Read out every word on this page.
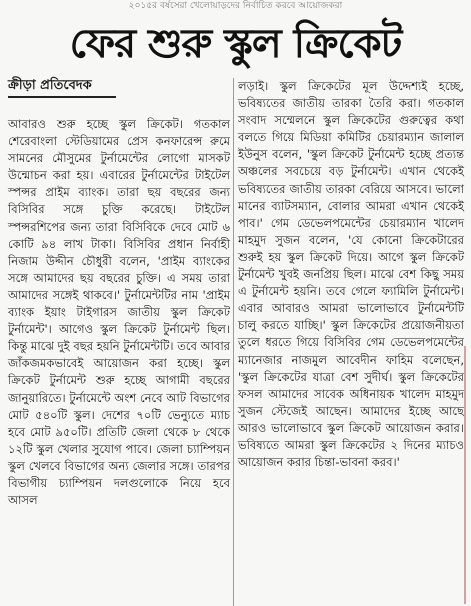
২০১৫র বর্ষসেরা খেলোয়াড়দের নির্বাচিত করবে আয়োজকরা
ফের শুরু স্কুল ক্রিকেট
ক্রীড়া প্রতিবেদক

আবারও শুরু হচ্ছে স্কুল ক্রিকেট। গতকাল শেরেবাংলা স্টেডিয়ামের প্রেস কনফারেন্স রুমে সামনের মৌসুমের টুর্নামেন্টের লোগো মাসকট উন্মোচন করা হয়। এবারের টুর্নামেন্টের টাইটেল স্পন্সর প্রাইম ব্যাংক। তারা ছয় বছরের জন্য বিসিবির সঙ্গে চুক্তি করেছে। টাইটেল স্পন্সরশিপের জন্য তারা বিসিবিকে দেবে মোট ৬ কোটি ৯৪ লাখ টাকা। বিসিবির প্রধান নির্বাহী নিজাম উদ্দীন চৌধুরী বলেন, 'প্রাইম ব্যাংকের সঙ্গে আমাদের ছয় বছরের চুক্তি। এ সময় তারা আমাদের সঙ্গেই থাকবে।' টুর্নামেন্টটির নাম 'প্রাইম ব্যাংক ইয়াং টাইগারস জাতীয় স্কুল ক্রিকেট টুর্নামেন্ট'। আগেও স্কুল ক্রিকেট টুর্নামেন্ট ছিল। কিন্তু মাঝে দুই বছর হয়নি টুর্নামেন্টটি। তবে আবার জাঁকজমকভাবেই আয়োজন করা হচ্ছে। স্কুল ক্রিকেট টুর্নামেন্ট শুরু হচ্ছে আগামী বছরের জানুয়ারিতে। টুর্নামেন্টে অংশ নেবে আট বিভাগের মোট ৫৪০টি স্কুল। দেশের ৭০টি ভেন্যুতে ম্যাচ হবে মোট ৯৫০টি। প্রতিটি জেলা থেকে ৮ থেকে ১২টি স্কুল খেলার সুযোগ পাবে। জেলা চ্যাম্পিয়ন স্কুল খেলবে বিভাগের অন্য জেলার সঙ্গে। তারপর বিভাগীয় চ্যাম্পিয়ন দলগুলোকে নিয়ে হবে আসল

লড়াই। স্কুল ক্রিকেটের মূল উদ্দেশ্যই হচ্ছে, ভবিষ্যতের জাতীয় তারকা তৈরি করা। গতকাল সংবাদ সম্মেলনে স্কুল ক্রিকেটের গুরুত্বের কথা বলতে গিয়ে মিডিয়া কমিটির চেয়ারম্যান জালাল ইউনুস বলেন, 'স্কুল ক্রিকেট টুর্নামেন্ট হচ্ছে প্রত্যন্ত অঞ্চলের সবচেয়ে বড় টুর্নামেন্ট। এখান থেকেই ভবিষ্যতের জাতীয় তারকা বেরিয়ে আসবে। ভালো মানের ব্যাটসম্যান, বোলার আমরা এখান থেকেই পাব।' গেম ডেভেলপমেন্টের চেয়ারম্যান খালেদ মাহমুদ সুজন বলেন, 'যে কোনো ক্রিকেটারের শুরুই হয় স্কুল ক্রিকেট দিয়ে। আগে স্কুল ক্রিকেট টুর্নামেন্ট খুবই জনপ্রিয় ছিল। মাঝে বেশ কিছু সময় এ টুর্নামেন্ট হয়নি। তবে গেলে ফ্যামিলি টুর্নামেন্ট। এবার আবারও আমরা ভালোভাবে টুর্নামেন্টটি চালু করতে যাচ্ছি।' স্কুল ক্রিকেটের প্রয়োজনীয়তা তুলে ধরতে গিয়ে বিসিবির গেম ডেভেলপমেন্টের ম্যানেজার নাজমুল আবেদীন ফাহিম বলেছেন, 'স্কুল ক্রিকেটের যাত্রা বেশ সুদীর্ঘ। স্কুল ক্রিকেটের ফসল আমাদের সাবেক অধিনায়ক খালেদ মাহমুদ সুজন স্টেজেই আছেন। আমাদের ইচ্ছে আছে আরও ভালোভাবে স্কুল ক্রিকেট আয়োজন করার। ভবিষ্যতে আমরা স্কুল ক্রিকেটের ২ দিনের ম্যাচও আয়োজন করার চিন্তা-ভাবনা করব।'
